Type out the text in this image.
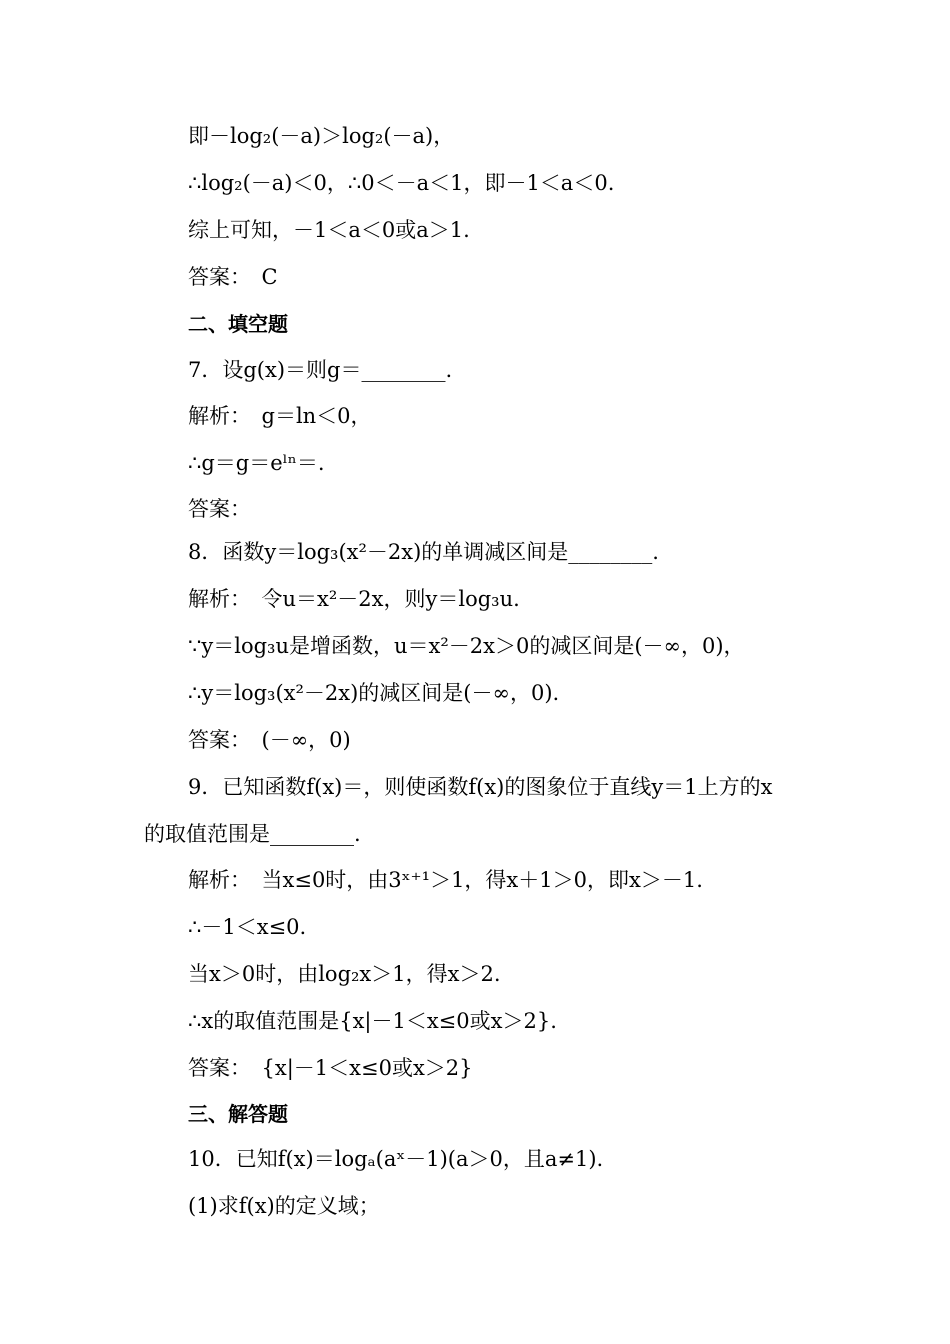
即－log₂(－a)＞log₂(－a)，
∴log₂(－a)＜0，∴0＜－a＜1，即－1＜a＜0.
综上可知，－1＜a＜0或a＞1.
答案：　C
二、填空题
7．设g(x)＝则g＝________.
解析：　g＝ln＜0，
∴g＝g＝eˡⁿ＝.
答案：
8．函数y＝log₃(x²－2x)的单调减区间是________.
解析：　令u＝x²－2x，则y＝log₃u.
∵y＝log₃u是增函数，u＝x²－2x＞0的减区间是(－∞，0)，
∴y＝log₃(x²－2x)的减区间是(－∞，0).
答案：　(－∞，0)
9．已知函数f(x)＝，则使函数f(x)的图象位于直线y＝1上方的x
的取值范围是________.
解析：　当x≤0时，由3ˣ⁺¹＞1，得x＋1＞0，即x＞－1.
∴－1＜x≤0.
当x＞0时，由log₂x＞1，得x＞2.
∴x的取值范围是{x|－1＜x≤0或x＞2}.
答案：　{x|－1＜x≤0或x＞2}
三、解答题
10．已知f(x)＝logₐ(aˣ－1)(a＞0，且a≠1).
(1)求f(x)的定义域；
